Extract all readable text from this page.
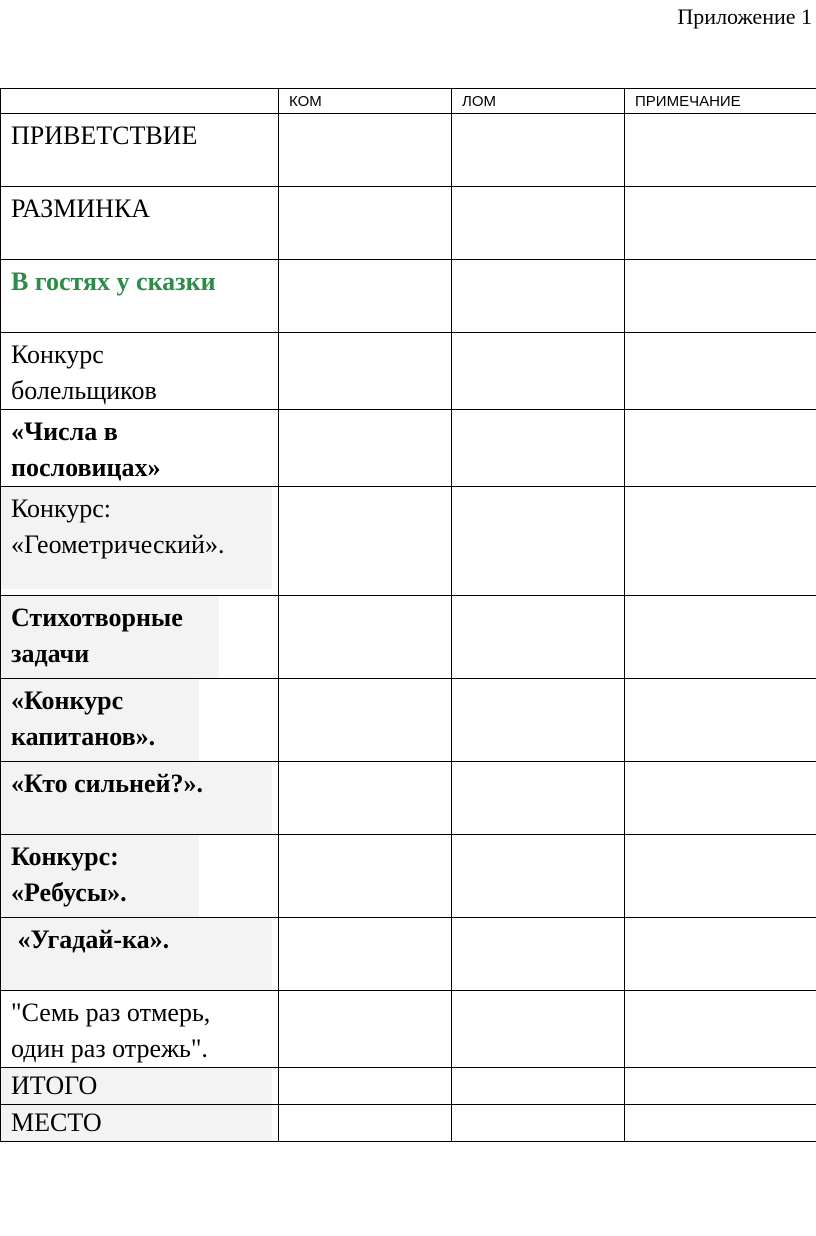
Приложение 1

	КОМ	ЛОМ	ПРИМЕЧАНИЕ

ПРИВЕТСТВИЕ			

РАЗМИНКА			

В гостях у сказки			

Конкурс болельщиков			

«Числа в пословицах»			

Конкурс: «Геометрический».			

Стихотворные задачи			

«Конкурс капитанов».			

«Кто сильней?».			

Конкурс: «Ребусы».			

«Угадай-ка».			

"Семь раз отмерь, один раз отрежь".			

ИТОГО			

МЕСТО			
